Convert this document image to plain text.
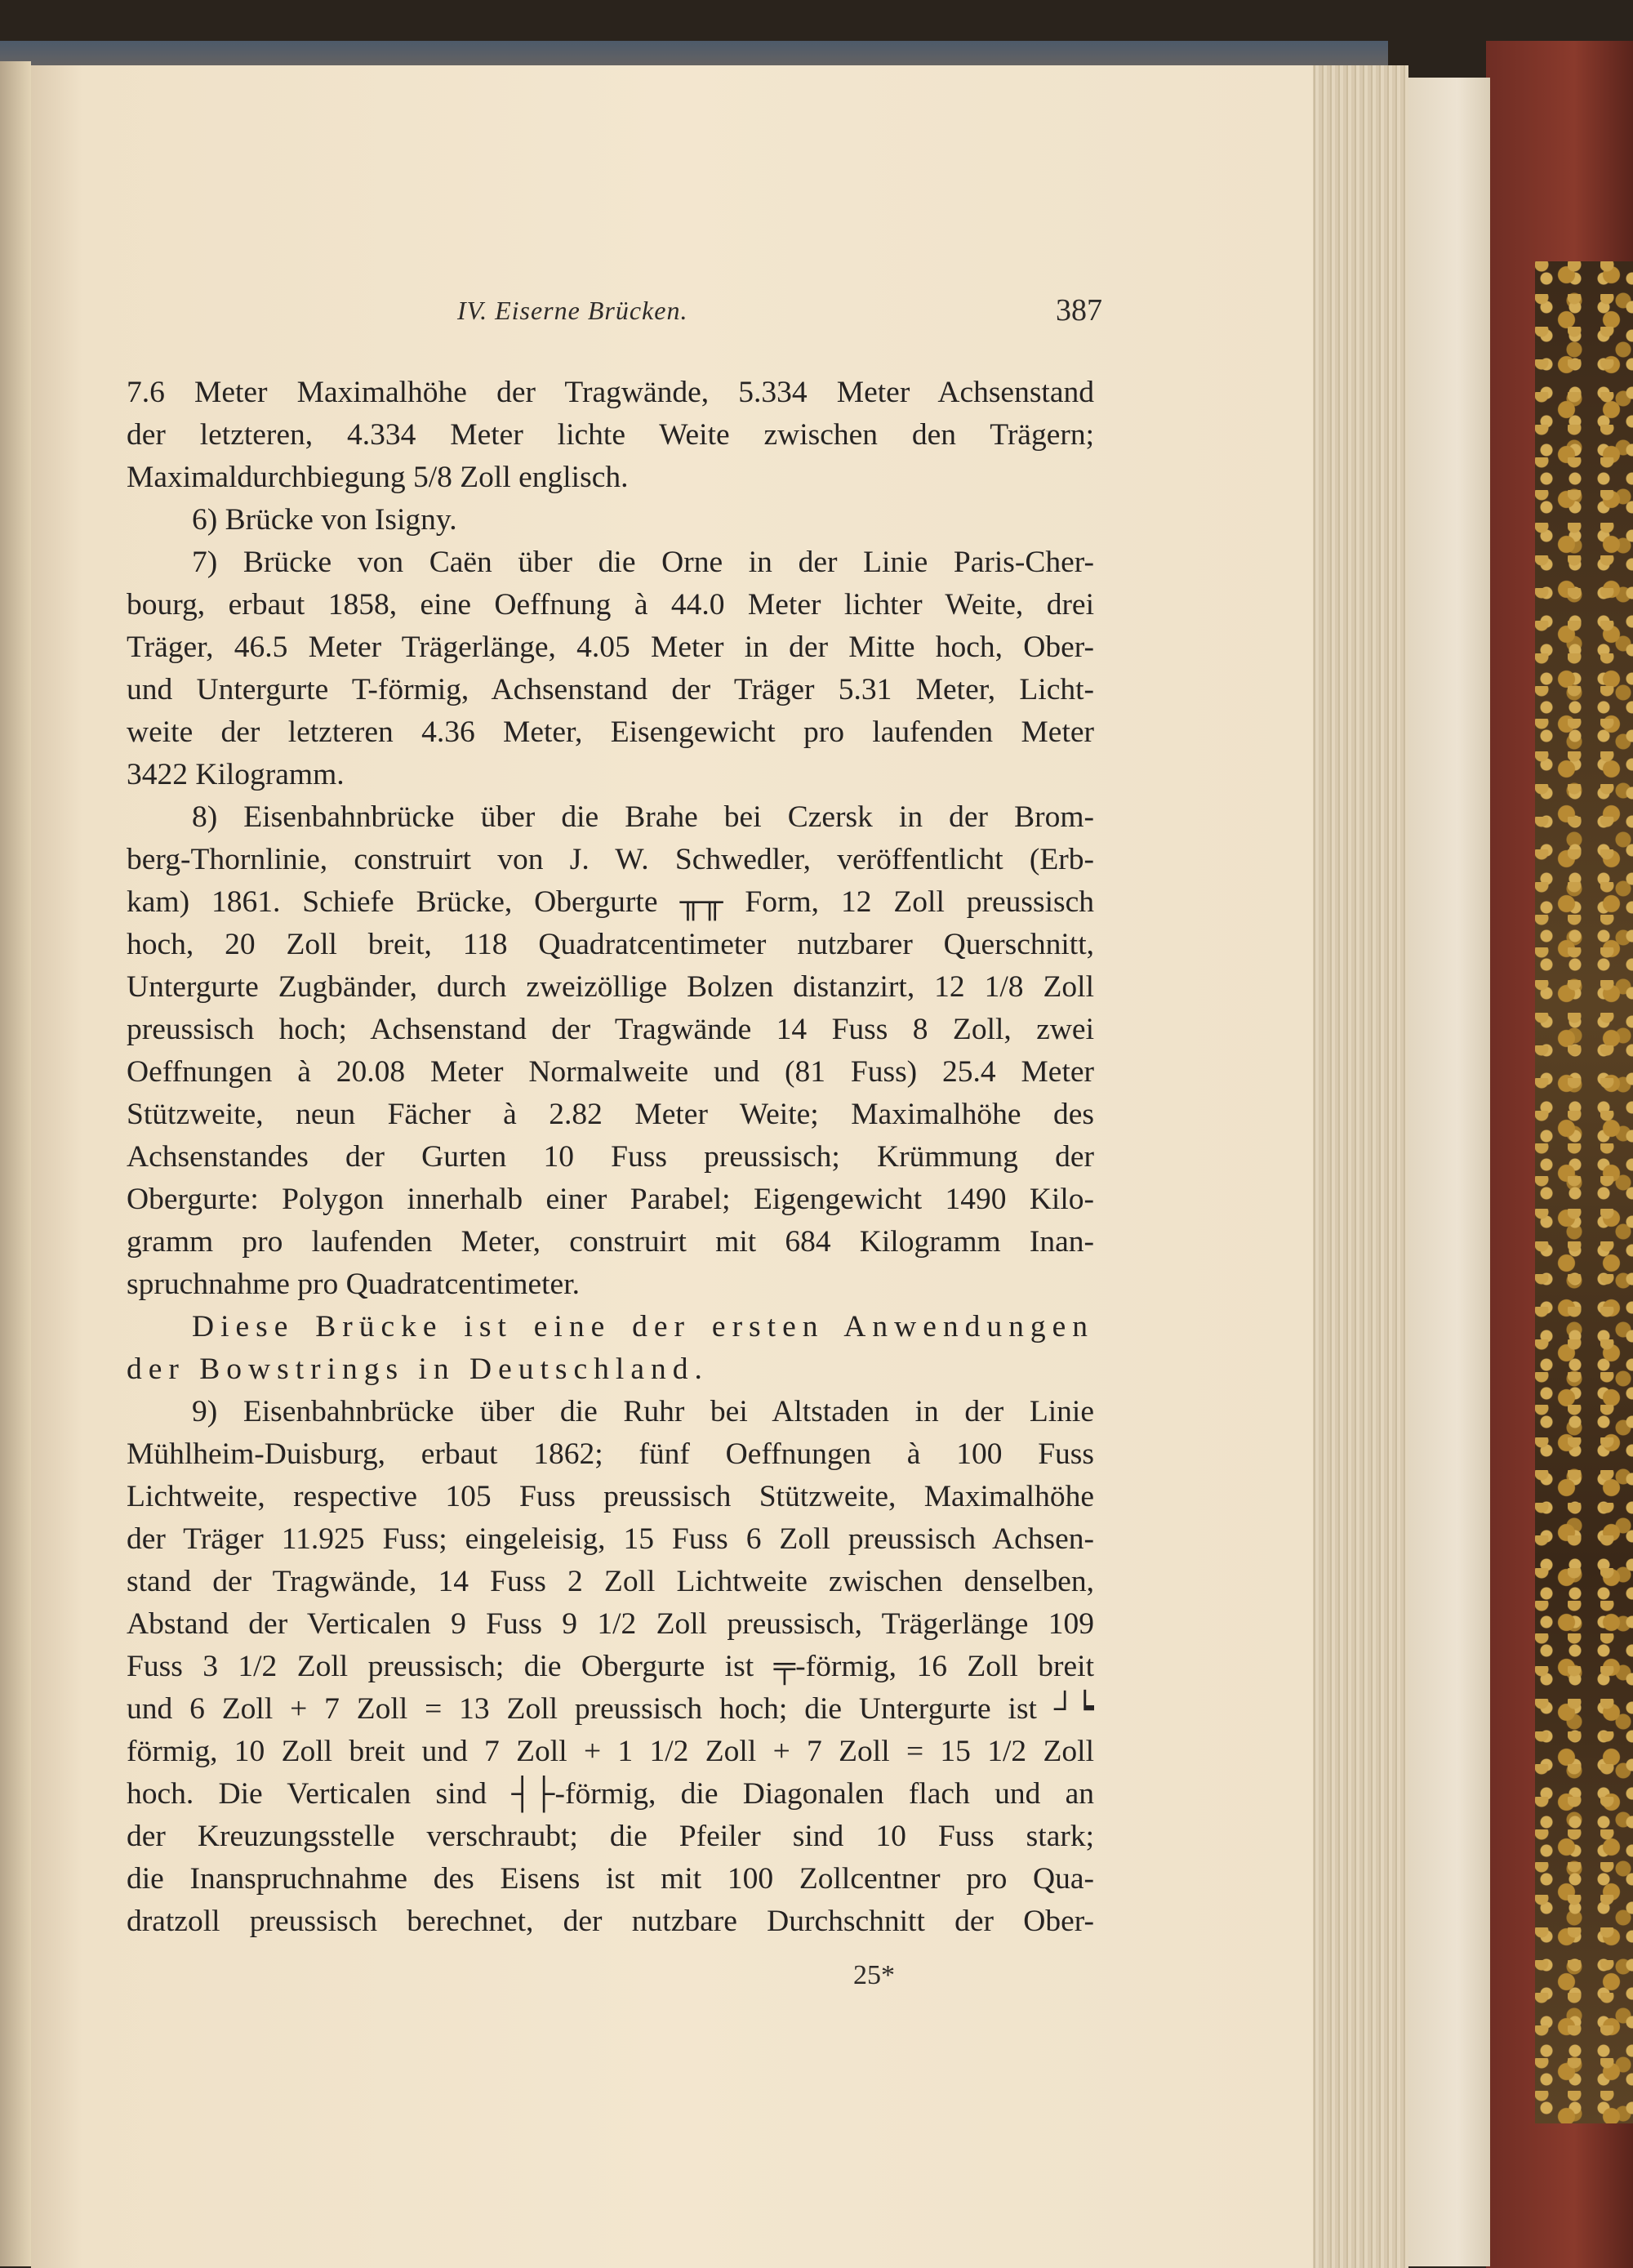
IV. Eiserne Brücken.	387
7.6 Meter Maximalhöhe der Tragwände, 5.334 Meter Achsenstand
der letzteren, 4.334 Meter lichte Weite zwischen den Trägern;
Maximaldurchbiegung 5/8 Zoll englisch.
6) Brücke von Isigny.
7) Brücke von Caën über die Orne in der Linie Paris-Cher-
bourg, erbaut 1858, eine Oeffnung à 44.0 Meter lichter Weite, drei
Träger, 46.5 Meter Trägerlänge, 4.05 Meter in der Mitte hoch, Ober-
und Untergurte T-förmig, Achsenstand der Träger 5.31 Meter, Licht-
weite der letzteren 4.36 Meter, Eisengewicht pro laufenden Meter
3422 Kilogramm.
8) Eisenbahnbrücke über die Brahe bei Czersk in der Brom-
berg-Thornlinie, construirt von J. W. Schwedler, veröffentlicht (Erb-
kam) 1861. Schiefe Brücke, Obergurte ╥╥ Form, 12 Zoll preussisch
hoch, 20 Zoll breit, 118 Quadratcentimeter nutzbarer Querschnitt,
Untergurte Zugbänder, durch zweizöllige Bolzen distanzirt, 12 1/8 Zoll
preussisch hoch; Achsenstand der Tragwände 14 Fuss 8 Zoll, zwei
Oeffnungen à 20.08 Meter Normalweite und (81 Fuss) 25.4 Meter
Stützweite, neun Fächer à 2.82 Meter Weite; Maximalhöhe des
Achsenstandes der Gurten 10 Fuss preussisch; Krümmung der
Obergurte: Polygon innerhalb einer Parabel; Eigengewicht 1490 Kilo-
gramm pro laufenden Meter, construirt mit 684 Kilogramm Inan-
spruchnahme pro Quadratcentimeter.
Diese Brücke ist eine der ersten Anwendungen
der Bowstrings in Deutschland.
9) Eisenbahnbrücke über die Ruhr bei Altstaden in der Linie
Mühlheim-Duisburg, erbaut 1862; fünf Oeffnungen à 100 Fuss
Lichtweite, respective 105 Fuss preussisch Stützweite, Maximalhöhe
der Träger 11.925 Fuss; eingeleisig, 15 Fuss 6 Zoll preussisch Achsen-
stand der Tragwände, 14 Fuss 2 Zoll Lichtweite zwischen denselben,
Abstand der Verticalen 9 Fuss 9 1/2 Zoll preussisch, Trägerlänge 109
Fuss 3 1/2 Zoll preussisch; die Obergurte ist ╤-förmig, 16 Zoll breit
und 6 Zoll + 7 Zoll = 13 Zoll preussisch hoch; die Untergurte ist ┘┕
förmig, 10 Zoll breit und 7 Zoll + 1 1/2 Zoll + 7 Zoll = 15 1/2 Zoll
hoch. Die Verticalen sind ┤├-förmig, die Diagonalen flach und an
der Kreuzungsstelle verschraubt; die Pfeiler sind 10 Fuss stark;
die Inanspruchnahme des Eisens ist mit 100 Zollcentner pro Qua-
dratzoll preussisch berechnet, der nutzbare Durchschnitt der Ober-
25*
